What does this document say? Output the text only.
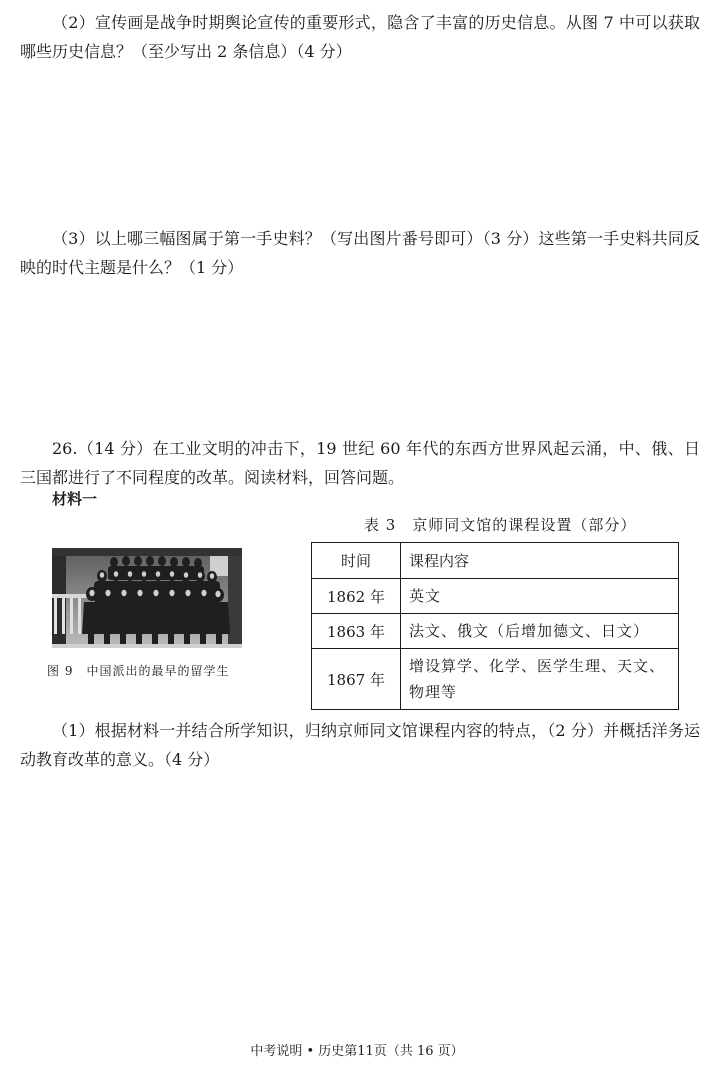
（2）宣传画是战争时期舆论宣传的重要形式，隐含了丰富的历史信息。从图 7 中可以获取哪些历史信息？（至少写出 2 条信息）（4 分）

（3）以上哪三幅图属于第一手史料？（写出图片番号即可）（3 分）这些第一手史料共同反映的时代主题是什么？（1 分）

26.（14 分）在工业文明的冲击下，19 世纪 60 年代的东西方世界风起云涌，中、俄、日三国都进行了不同程度的改革。阅读材料，回答问题。

材料一
表 3　京师同文馆的课程设置（部分）
时间	课程内容
1862 年	英文
1863 年	法文、俄文（后增加德文、日文）
1867 年	增设算学、化学、医学生理、天文、物理等
图 9　中国派出的最早的留学生

（1）根据材料一并结合所学知识，归纳京师同文馆课程内容的特点，（2 分）并概括洋务运动教育改革的意义。（4 分）

中考说明 • 历史第11页（共 16 页）
